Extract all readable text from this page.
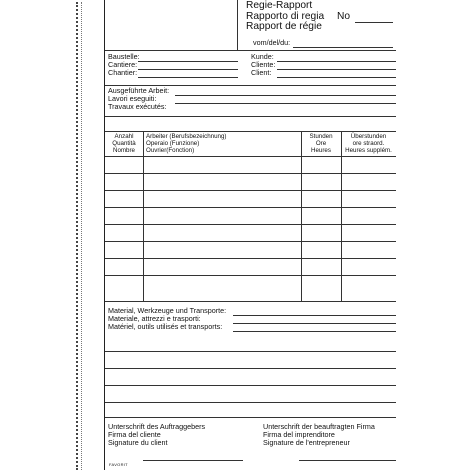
Regie-Rapport
Rapporto di regia
Rapport de régie
No
vom/del/du:
Baustelle:
Cantiere:
Chantier:
Kunde:
Cliente:
Client:
Ausgeführte Arbeit:
Lavori eseguiti:
Travaux exécutés:
Anzahl
Quantità
Nombre
Arbeiter (Berufsbezeichnung)
Operaio (Funzione)
Ouvrier(Fonction)
Stunden
Ore
Heures
Überstunden
ore straord.
Heures supplém.
Material, Werkzeuge und Transporte:
Materiale, attrezzi e trasporti:
Matériel, outils utilisés et transports:
Unterschrift des Auftraggebers
Firma del cliente
Signature du client
Unterschrift der beauftragten Firma
Firma del imprenditore
Signature de l'entrepreneur
FAVORIT
